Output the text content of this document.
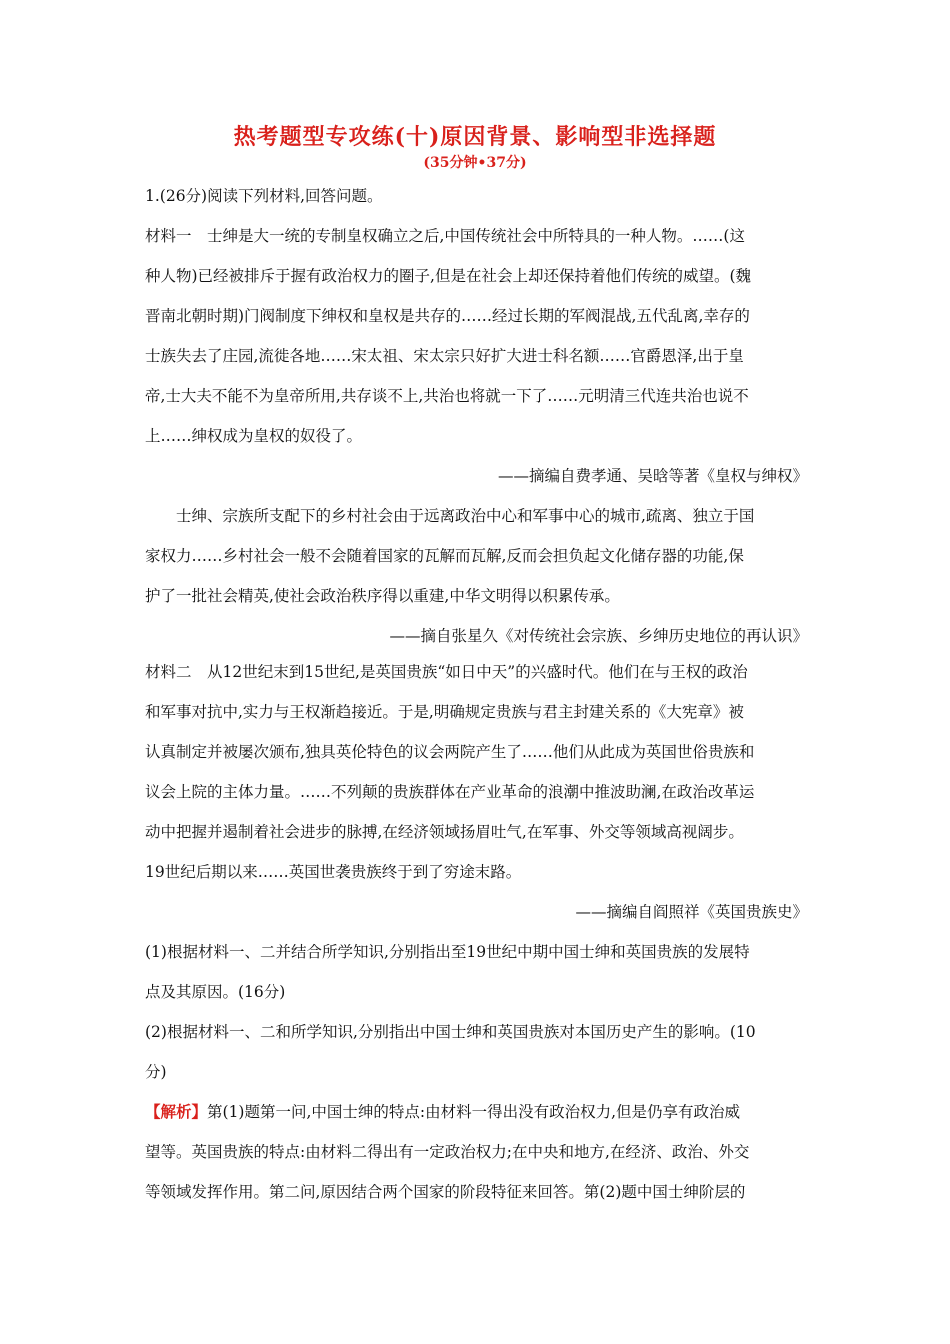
热考题型专攻练(十)原因背景、影响型非选择题
(35分钟•37分)
1.(26分)阅读下列材料,回答问题。
材料一　士绅是大一统的专制皇权确立之后,中国传统社会中所特具的一种人物。……(这
种人物)已经被排斥于握有政治权力的圈子,但是在社会上却还保持着他们传统的威望。(魏
晋南北朝时期)门阀制度下绅权和皇权是共存的……经过长期的军阀混战,五代乱离,幸存的
士族失去了庄园,流徙各地……宋太祖、宋太宗只好扩大进士科名额……官爵恩泽,出于皇
帝,士大夫不能不为皇帝所用,共存谈不上,共治也将就一下了……元明清三代连共治也说不
上……绅权成为皇权的奴役了。
——摘编自费孝通、吴晗等著《皇权与绅权》
　　士绅、宗族所支配下的乡村社会由于远离政治中心和军事中心的城市,疏离、独立于国
家权力……乡村社会一般不会随着国家的瓦解而瓦解,反而会担负起文化储存器的功能,保
护了一批社会精英,使社会政治秩序得以重建,中华文明得以积累传承。
——摘自张星久《对传统社会宗族、乡绅历史地位的再认识》
材料二　从12世纪末到15世纪,是英国贵族“如日中天”的兴盛时代。他们在与王权的政治
和军事对抗中,实力与王权渐趋接近。于是,明确规定贵族与君主封建关系的《大宪章》被
认真制定并被屡次颁布,独具英伦特色的议会两院产生了……他们从此成为英国世俗贵族和
议会上院的主体力量。……不列颠的贵族群体在产业革命的浪潮中推波助澜,在政治改革运
动中把握并遏制着社会进步的脉搏,在经济领域扬眉吐气,在军事、外交等领域高视阔步。
19世纪后期以来……英国世袭贵族终于到了穷途末路。
——摘编自阎照祥《英国贵族史》
(1)根据材料一、二并结合所学知识,分别指出至19世纪中期中国士绅和英国贵族的发展特
点及其原因。(16分)
(2)根据材料一、二和所学知识,分别指出中国士绅和英国贵族对本国历史产生的影响。(10
分)
【解析】第(1)题第一问,中国士绅的特点:由材料一得出没有政治权力,但是仍享有政治威
望等。英国贵族的特点:由材料二得出有一定政治权力;在中央和地方,在经济、政治、外交
等领域发挥作用。第二问,原因结合两个国家的阶段特征来回答。第(2)题中国士绅阶层的
